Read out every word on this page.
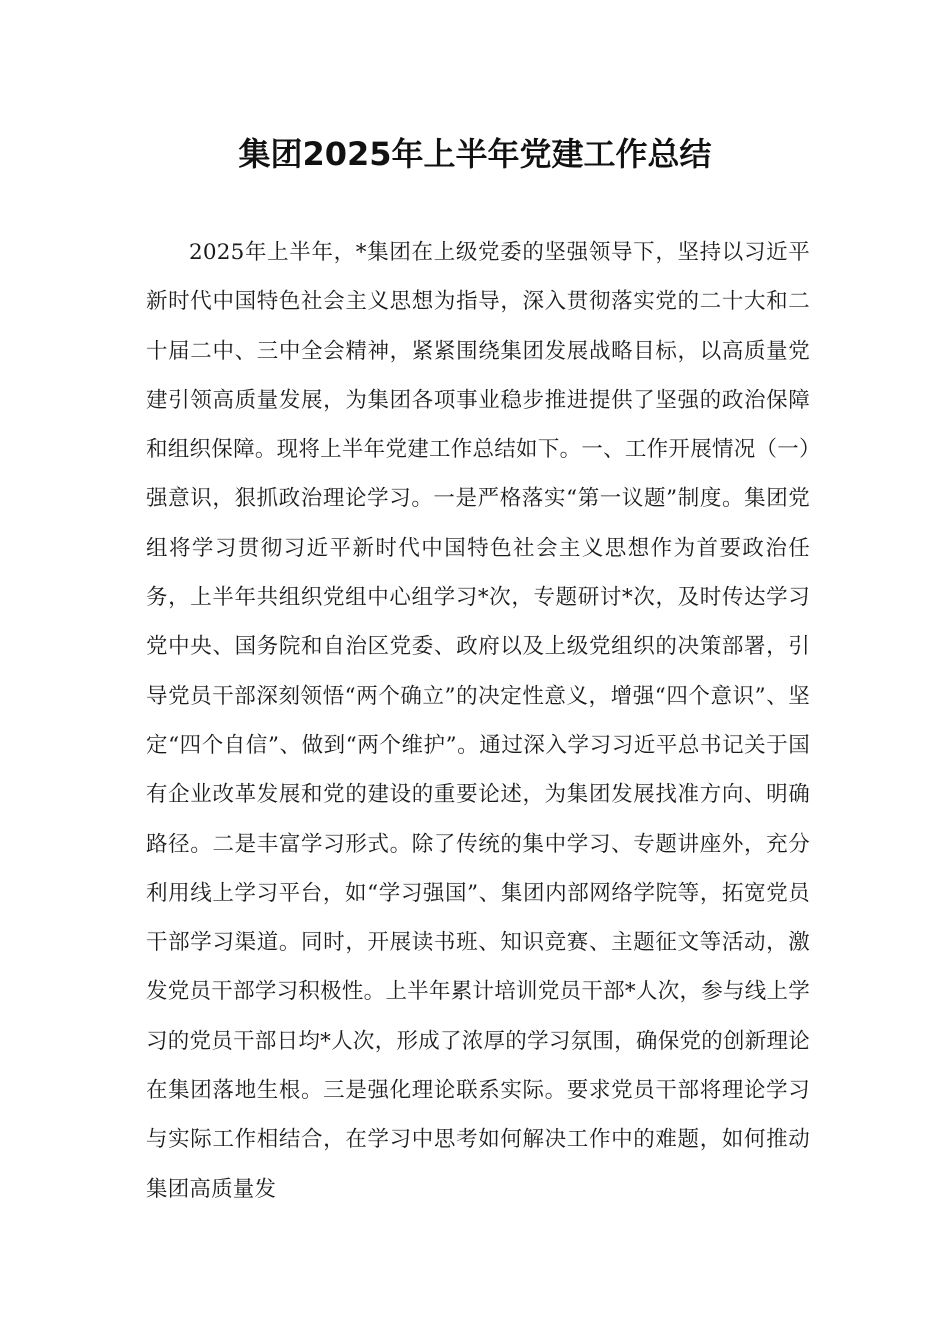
集团2025年上半年党建工作总结

2025年上半年，*集团在上级党委的坚强领导下，坚持以习近平新时代中国特色社会主义思想为指导，深入贯彻落实党的二十大和二十届二中、三中全会精神，紧紧围绕集团发展战略目标，以高质量党建引领高质量发展，为集团各项事业稳步推进提供了坚强的政治保障和组织保障。现将上半年党建工作总结如下。一、工作开展情况（一）强意识，狠抓政治理论学习。一是严格落实“第一议题”制度。集团党组将学习贯彻习近平新时代中国特色社会主义思想作为首要政治任务，上半年共组织党组中心组学习*次，专题研讨*次，及时传达学习党中央、国务院和自治区党委、政府以及上级党组织的决策部署，引导党员干部深刻领悟“两个确立”的决定性意义，增强“四个意识”、坚定“四个自信”、做到“两个维护”。通过深入学习习近平总书记关于国有企业改革发展和党的建设的重要论述，为集团发展找准方向、明确路径。二是丰富学习形式。除了传统的集中学习、专题讲座外，充分利用线上学习平台，如“学习强国”、集团内部网络学院等，拓宽党员干部学习渠道。同时，开展读书班、知识竞赛、主题征文等活动，激发党员干部学习积极性。上半年累计培训党员干部*人次，参与线上学习的党员干部日均*人次，形成了浓厚的学习氛围，确保党的创新理论在集团落地生根。三是强化理论联系实际。要求党员干部将理论学习与实际工作相结合，在学习中思考如何解决工作中的难题，如何推动集团高质量发
